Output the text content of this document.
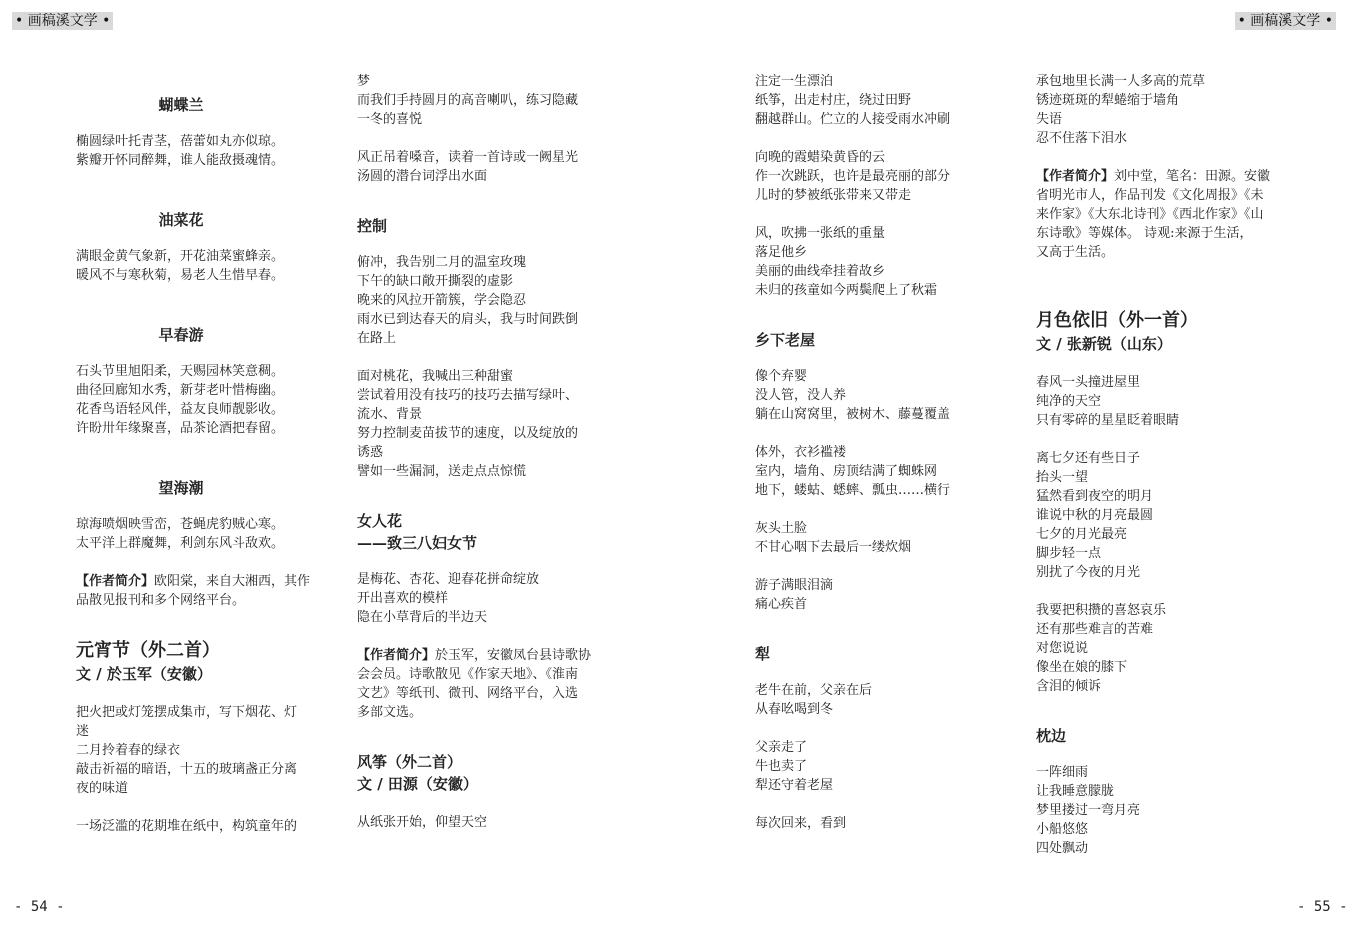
• 画稿溪文学 •	• 画稿溪文学 •
蝴蝶兰
椭圆绿叶托青茎，蓓蕾如丸亦似琼。
紫瓣开怀同醉舞，谁人能敌摄魂情。
油菜花
满眼金黄气象新，开花油菜蜜蜂亲。
暖风不与寒秋菊，易老人生惜早春。
早春游
石头节里旭阳柔，天赐园林笑意稠。
曲径回廊知水秀，新芽老叶惜梅幽。
花香鸟语轻风伴，益友良师靓影收。
许盼卅年缘聚喜，品茶论酒把春留。
望海潮
琼海喷烟映雪峦，苍蝇虎豹贼心寒。
太平洋上群魔舞，利剑东风斗敌欢。
【作者简介】欧阳棠，来自大湘西，其作
品散见报刊和多个网络平台。
元宵节（外二首）
文 / 於玉军（安徽）
把火把或灯笼摆成集市，写下烟花、灯
迷
二月拎着春的绿衣
敲击祈福的暗语，十五的玻璃盏正分离
夜的味道
一场泛滥的花期堆在纸中，构筑童年的
梦
而我们手持圆月的高音喇叭，练习隐藏
一冬的喜悦
风正吊着嗓音，读着一首诗或一阙星光
汤圆的潜台词浮出水面
控制
俯冲，我告别二月的温室玫瑰
下午的缺口敞开撕裂的虚影
晚来的风拉开箭簇，学会隐忍
雨水已到达春天的肩头，我与时间跌倒
在路上
面对桃花，我喊出三种甜蜜
尝试着用没有技巧的技巧去描写绿叶、
流水、背景
努力控制麦苗拔节的速度，以及绽放的
诱惑
譬如一些漏洞，送走点点惊慌
女人花
——致三八妇女节
是梅花、杏花、迎春花拼命绽放
开出喜欢的模样
隐在小草背后的半边天
【作者简介】於玉军，安徽凤台县诗歌协
会会员。诗歌散见《作家天地》、《淮南
文艺》等纸刊、微刊、网络平台，入选
多部文选。
风筝（外二首）
文 / 田源（安徽）
从纸张开始，仰望天空
注定一生漂泊
纸筝，出走村庄，绕过田野
翻越群山。伫立的人接受雨水冲刷
向晚的霞蜡染黄昏的云
作一次跳跃，也许是最亮丽的部分
儿时的梦被纸张带来又带走
风，吹拂一张纸的重量
落足他乡
美丽的曲线牵挂着故乡
未归的孩童如今两鬓爬上了秋霜
乡下老屋
像个弃婴
没人管，没人养
躺在山窝窝里，被树木、藤蔓覆盖
体外，衣衫褴褛
室内，墙角、房顶结满了蜘蛛网
地下，蝼蛄、蟋蟀、瓢虫……横行
灰头土脸
不甘心咽下去最后一缕炊烟
游子满眼泪滴
痛心疾首
犁
老牛在前，父亲在后
从春吆喝到冬
父亲走了
牛也卖了
犁还守着老屋
每次回来，看到
承包地里长满一人多高的荒草
锈迹斑斑的犁蜷缩于墙角
失语
忍不住落下泪水
【作者简介】刘中堂，笔名：田源。安徽
省明光市人，作品刊发《文化周报》《未
来作家》《大东北诗刊》《西北作家》《山
东诗歌》等媒体。 诗观:来源于生活，
又高于生活。
月色依旧（外一首）
文 / 张新锐（山东）
春风一头撞进屋里
纯净的天空
只有零碎的星星眨着眼睛
离七夕还有些日子
抬头一望
猛然看到夜空的明月
谁说中秋的月亮最圆
七夕的月光最亮
脚步轻一点
别扰了今夜的月光
我要把积攒的喜怒哀乐
还有那些难言的苦难
对您说说
像坐在娘的膝下
含泪的倾诉
枕边
一阵细雨
让我睡意朦胧
梦里搂过一弯月亮
小船悠悠
四处飘动
- 54 -	- 55 -
